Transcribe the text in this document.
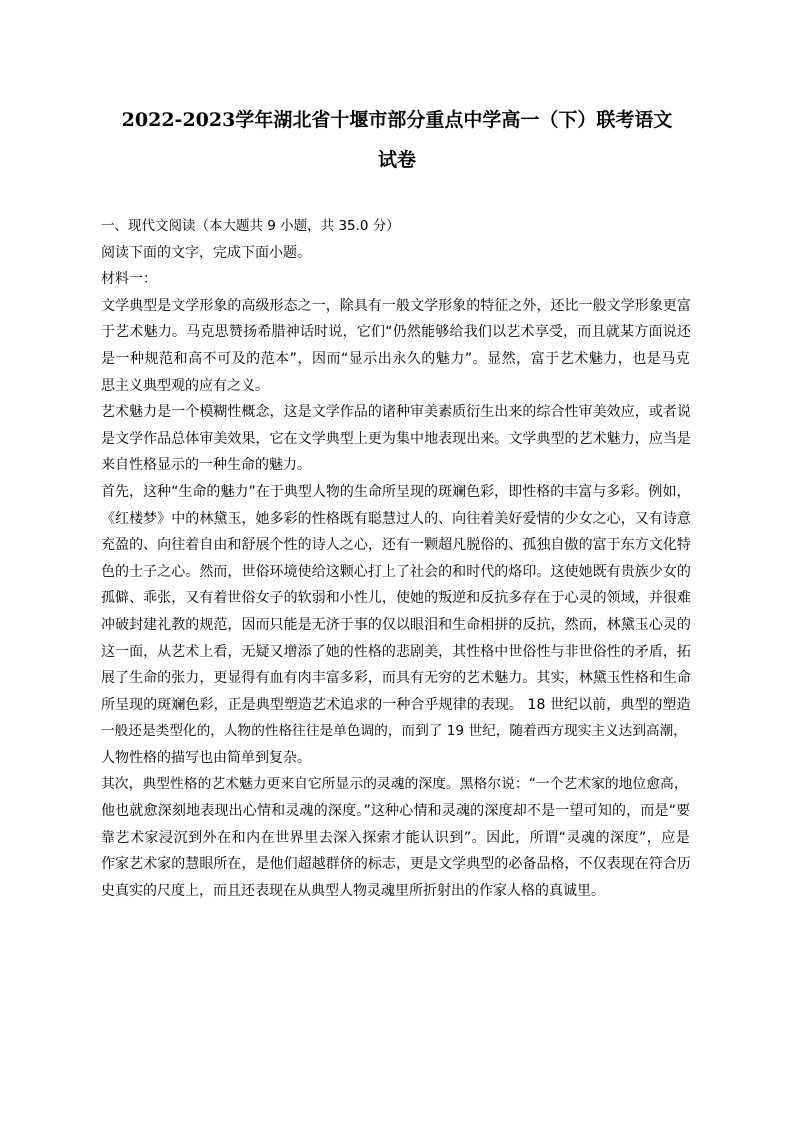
2022-2023学年湖北省十堰市部分重点中学高一（下）联考语文
试卷

一、现代文阅读（本大题共 9 小题，共 35.0 分）

阅读下面的文字，完成下面小题。

材料一：

文学典型是文学形象的高级形态之一，除具有一般文学形象的特征之外，还比一般文学形象更富
于艺术魅力。马克思赞扬希腊神话时说，它们“仍然能够给我们以艺术享受，而且就某方面说还
是一种规范和高不可及的范本”，因而“显示出永久的魅力”。显然，富于艺术魅力，也是马克
思主义典型观的应有之义。

艺术魅力是一个模糊性概念，这是文学作品的诸种审美素质衍生出来的综合性审美效应，或者说
是文学作品总体审美效果，它在文学典型上更为集中地表现出来。文学典型的艺术魅力，应当是
来自性格显示的一种生命的魅力。

首先，这种“生命的魅力”在于典型人物的生命所呈现的斑斓色彩，即性格的丰富与多彩。例如，
《红楼梦》中的林黛玉，她多彩的性格既有聪慧过人的、向往着美好爱情的少女之心，又有诗意
充盈的、向往着自由和舒展个性的诗人之心，还有一颗超凡脱俗的、孤独自傲的富于东方文化特
色的士子之心。然而，世俗环境使给这颗心打上了社会的和时代的烙印。这使她既有贵族少女的
孤僻、乖张，又有着世俗女子的软弱和小性儿，使她的叛逆和反抗多存在于心灵的领域，并很难
冲破封建礼教的规范，因而只能是无济于事的仅以眼泪和生命相拼的反抗，然而，林黛玉心灵的
这一面，从艺术上看，无疑又增添了她的性格的悲剧美，其性格中世俗性与非世俗性的矛盾，拓
展了生命的张力，更显得有血有肉丰富多彩，而具有无穷的艺术魅力。其实，林黛玉性格和生命
所呈现的斑斓色彩，正是典型塑造艺术追求的一种合乎规律的表现。 18 世纪以前，典型的塑造
一般还是类型化的，人物的性格往往是单色调的，而到了 19 世纪，随着西方现实主义达到高潮，
人物性格的描写也由简单到复杂。

其次，典型性格的艺术魅力更来自它所显示的灵魂的深度。黑格尔说：“一个艺术家的地位愈高，
他也就愈深刻地表现出心情和灵魂的深度。”这种心情和灵魂的深度却不是一望可知的，而是“要
靠艺术家浸沉到外在和内在世界里去深入探索才能认识到”。因此，所谓“灵魂的深度”，应是
作家艺术家的慧眼所在，是他们超越群侪的标志，更是文学典型的必备品格，不仅表现在符合历
史真实的尺度上，而且还表现在从典型人物灵魂里所折射出的作家人格的真诚里。
